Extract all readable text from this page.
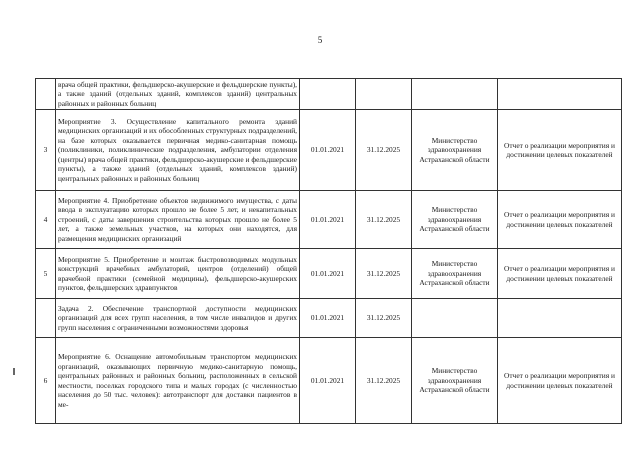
5
	врача общей практики, фельдшерско-акушерские и фельдшерские пункты), а также зданий (отдельных зданий, комплексов зданий) центральных районных и районных больниц				
3	Мероприятие 3. Осуществление капитального ремонта зданий медицинских организаций и их обособленных структурных подразделений, на базе которых оказывается первичная медико-санитарная помощь (поликлиники, поликлинические подразделения, амбулатории отделения (центры) врача общей практики, фельдшерско-акушерские и фельдшерские пункты), а также зданий (отдельных зданий, комплексов зданий) центральных районных и районных больниц	01.01.2021	31.12.2025	Министерство здравоохранения Астраханской области	Отчет о реализации мероприятия и достижении целевых показателей
4	Мероприятие 4. Приобретение объектов недвижимого имущества, с даты ввода в эксплуатацию которых прошло не более 5 лет, и некапитальных строений, с даты завершения строительства которых прошло не более 5 лет, а также земельных участков, на которых они находятся, для размещения медицинских организаций	01.01.2021	31.12.2025	Министерство здравоохранения Астраханской области	Отчет о реализации мероприятия и достижении целевых показателей
5	Мероприятие 5. Приобретение и монтаж быстровозводимых модульных конструкций врачебных амбулаторий, центров (отделений) общей врачебной практики (семейной медицины), фельдшерско-акушерских пунктов, фельдшерских здравпунктов	01.01.2021	31.12.2025	Министерство здравоохранения Астраханской области	Отчет о реализации мероприятия и достижении целевых показателей
	Задача 2. Обеспечение транспортной доступности медицинских организаций для всех групп населения, в том числе инвалидов и других групп населения с ограниченными возможностями здоровья	01.01.2021	31.12.2025		
6	Мероприятие 6. Оснащение автомобильным транспортом медицинских организаций, оказывающих первичную медико-санитарную помощь, центральных районных и районных больниц, расположенных в сельской местности, поселках городского типа и малых городах (с численностью населения до 50 тыс. человек): автотранспорт для доставки пациентов в ме-	01.01.2021	31.12.2025	Министерство здравоохранения Астраханской области	Отчет о реализации мероприятия и достижении целевых показателей
